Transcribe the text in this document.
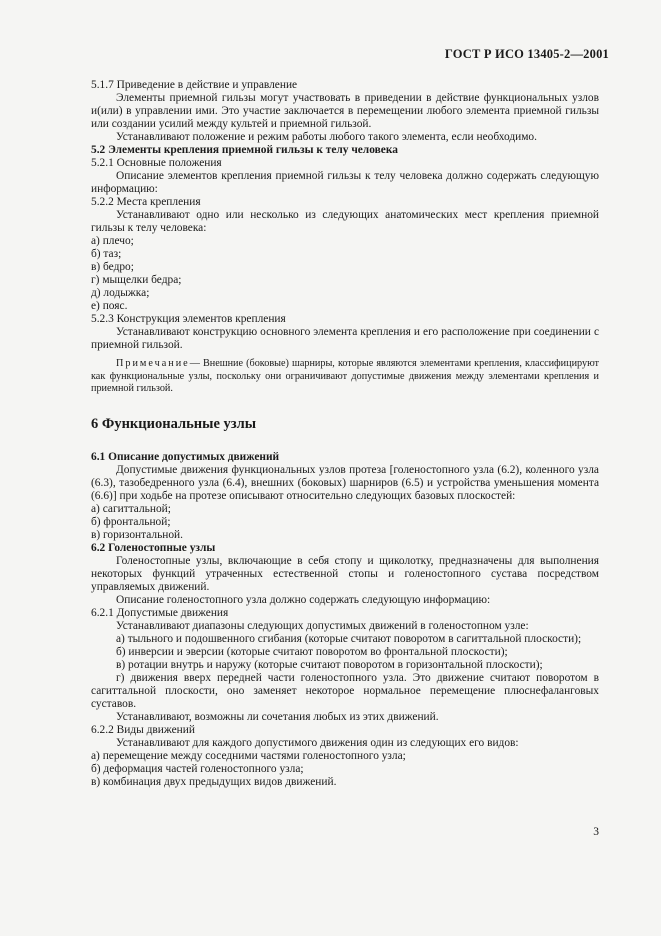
ГОСТ Р ИСО 13405-2—2001

5.1.7 Приведение в действие и управление

Элементы приемной гильзы могут участвовать в приведении в действие функциональных узлов и(или) в управлении ими. Это участие заключается в перемещении любого элемента приемной гильзы или создании усилий между культей и приемной гильзой.

Устанавливают положение и режим работы любого такого элемента, если необходимо.

5.2 Элементы крепления приемной гильзы к телу человека

5.2.1 Основные положения

Описание элементов крепления приемной гильзы к телу человека должно содержать следующую информацию:

5.2.2 Места крепления

Устанавливают одно или несколько из следующих анатомических мест крепления приемной гильзы к телу человека:

а) плечо;

б) таз;

в) бедро;

г) мыщелки бедра;

д) лодыжка;

е) пояс.

5.2.3 Конструкция элементов крепления

Устанавливают конструкцию основного элемента крепления и его расположение при соединении с приемной гильзой.

Примечание— Внешние (боковые) шарниры, которые являются элементами крепления, классифицируют как функциональные узлы, поскольку они ограничивают допустимые движения между элементами крепления и приемной гильзой.

6 Функциональные узлы

6.1 Описание допустимых движений

Допустимые движения функциональных узлов протеза [голеностопного узла (6.2), коленного узла (6.3), тазобедренного узла (6.4), внешних (боковых) шарниров (6.5) и устройства уменьшения момента (6.6)] при ходьбе на протезе описывают относительно следующих базовых плоскостей:

а) сагиттальной;

б) фронтальной;

в) горизонтальной.

6.2 Голеностопные узлы

Голеностопные узлы, включающие в себя стопу и щиколотку, предназначены для выполнения некоторых функций утраченных естественной стопы и голеностопного сустава посредством управляемых движений.

Описание голеностопного узла должно содержать следующую информацию:

6.2.1 Допустимые движения

Устанавливают диапазоны следующих допустимых движений в голеностопном узле:

а) тыльного и подошвенного сгибания (которые считают поворотом в сагиттальной плоскости);

б) инверсии и эверсии (которые считают поворотом во фронтальной плоскости);

в) ротации внутрь и наружу (которые считают поворотом в горизонтальной плоскости);

г) движения вверх передней части голеностопного узла. Это движение считают поворотом в сагиттальной плоскости, оно заменяет некоторое нормальное перемещение плюснефаланговых суставов.

Устанавливают, возможны ли сочетания любых из этих движений.

6.2.2 Виды движений

Устанавливают для каждого допустимого движения один из следующих его видов:

а) перемещение между соседними частями голеностопного узла;

б) деформация частей голеностопного узла;

в) комбинация двух предыдущих видов движений.

3
